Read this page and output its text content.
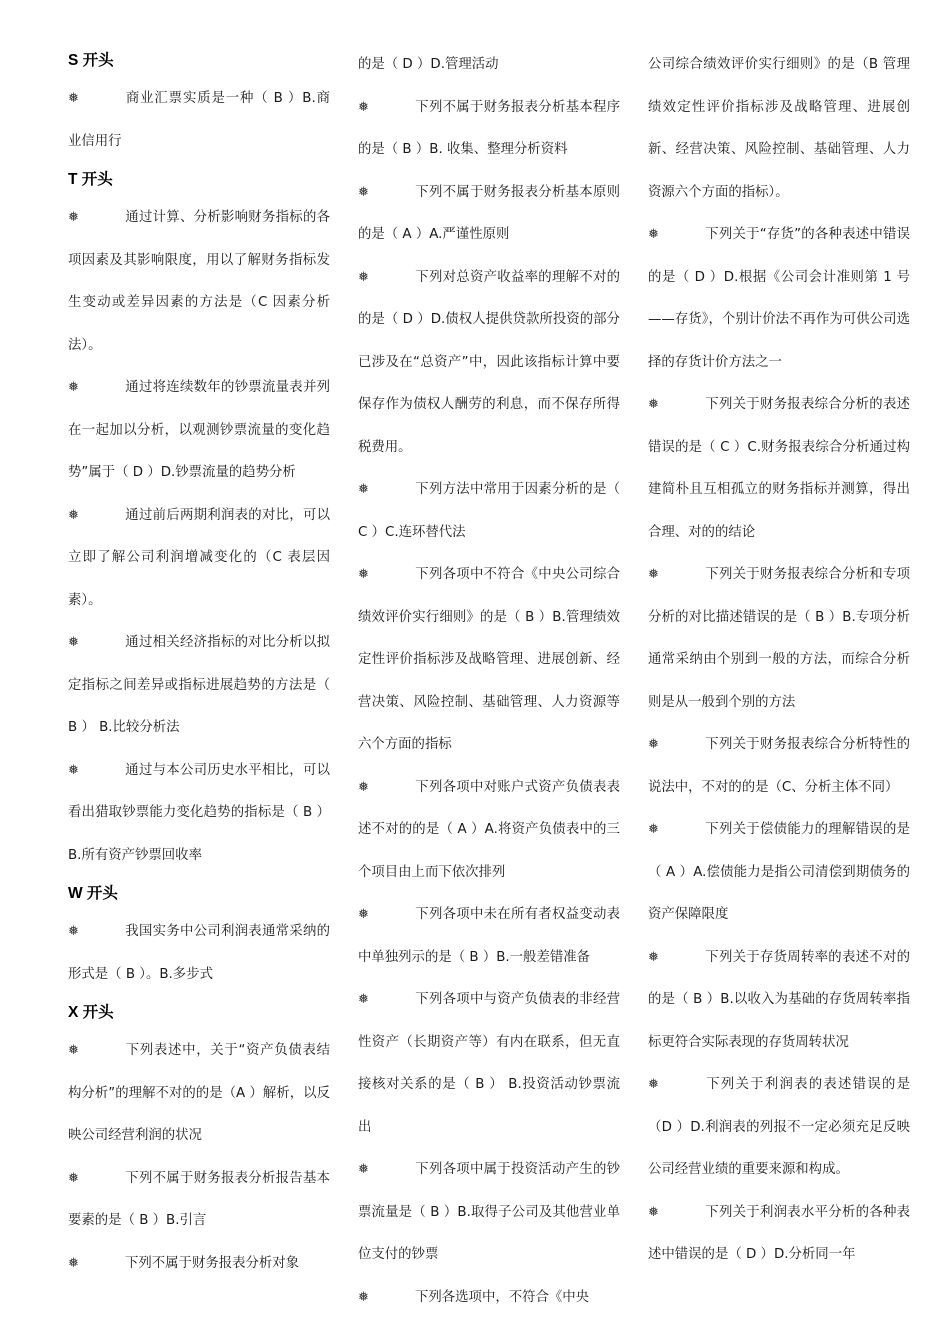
S 开头
❅	商业汇票实质是一种（ B ）B.商业信用行
T 开头
❅	通过计算、分析影响财务指标的各项因素及其影响限度，用以了解财务指标发生变动或差异因素的方法是（C 因素分析法）。
❅	通过将连续数年的钞票流量表并列在一起加以分析，以观测钞票流量的变化趋势”属于（ D ）D.钞票流量的趋势分析
❅	通过前后两期利润表的对比，可以立即了解公司利润增减变化的（C 表层因素）。
❅	通过相关经济指标的对比分析以拟定指标之间差异或指标进展趋势的方法是（ B ） B.比较分析法
❅	通过与本公司历史水平相比，可以看出猎取钞票能力变化趋势的指标是（ B ）B.所有资产钞票回收率
W 开头
❅	我国实务中公司利润表通常采纳的形式是（ B ）。B.多步式
X 开头
❅	下列表述中，关于“资产负债表结构分析”的理解不对的的是（A ）解析，以反映公司经营利润的状况
❅	下列不属于财务报表分析报告基本要素的是（ B ）B.引言
❅	下列不属于财务报表分析对象
的是（ D ）D.管理活动
❅	下列不属于财务报表分析基本程序的是（ B ）B. 收集、整理分析资料
❅	下列不属于财务报表分析基本原则的是（ A ）A.严谨性原则
❅	下列对总资产收益率的理解不对的的是（ D ）D.债权人提供贷款所投资的部分已涉及在“总资产”中，因此该指标计算中要保存作为债权人酬劳的利息，而不保存所得税费用。
❅	下列方法中常用于因素分析的是（ C ）C.连环替代法
❅	下列各项中不符合《中央公司综合绩效评价实行细则》的是（ B ）B.管理绩效定性评价指标涉及战略管理、进展创新、经营决策、风险控制、基础管理、人力资源等六个方面的指标
❅	下列各项中对账户式资产负债表表述不对的的是（ A ）A.将资产负债表中的三个项目由上而下依次排列
❅	下列各项中未在所有者权益变动表中单独列示的是（ B ）B.一般差错准备
❅	下列各项中与资产负债表的非经营性资产（长期资产等）有内在联系，但无直接核对关系的是（ B ） B.投资活动钞票流出
❅	下列各项中属于投资活动产生的钞票流量是（ B ）B.取得子公司及其他营业单位支付的钞票
❅	下列各选项中，不符合《中央
公司综合绩效评价实行细则》的是（B 管理绩效定性评价指标涉及战略管理、进展创新、经营决策、风险控制、基础管理、人力资源六个方面的指标）。
❅	下列关于“存货”的各种表述中错误的是（ D ）D.根据《公司会计准则第 1 号——存货》，个别计价法不再作为可供公司选择的存货计价方法之一
❅	下列关于财务报表综合分析的表述错误的是（ C ）C.财务报表综合分析通过构建简朴且互相孤立的财务指标并测算，得出合理、对的的结论
❅	下列关于财务报表综合分析和专项分析的对比描述错误的是（ B ）B.专项分析通常采纳由个别到一般的方法，而综合分析则是从一般到个别的方法
❅	下列关于财务报表综合分析特性的说法中，不对的的是（C、分析主体不同）
❅	下列关于偿债能力的理解错误的是（ A ）A.偿债能力是指公司清偿到期债务的资产保障限度
❅	下列关于存货周转率的表述不对的的是（ B ）B.以收入为基础的存货周转率指标更符合实际表现的存货周转状况
❅	下列关于利润表的表述错误的是（D ）D.利润表的列报不一定必须充足反映公司经营业绩的重要来源和构成。
❅	下列关于利润表水平分析的各种表述中错误的是（ D ）D.分析同一年
